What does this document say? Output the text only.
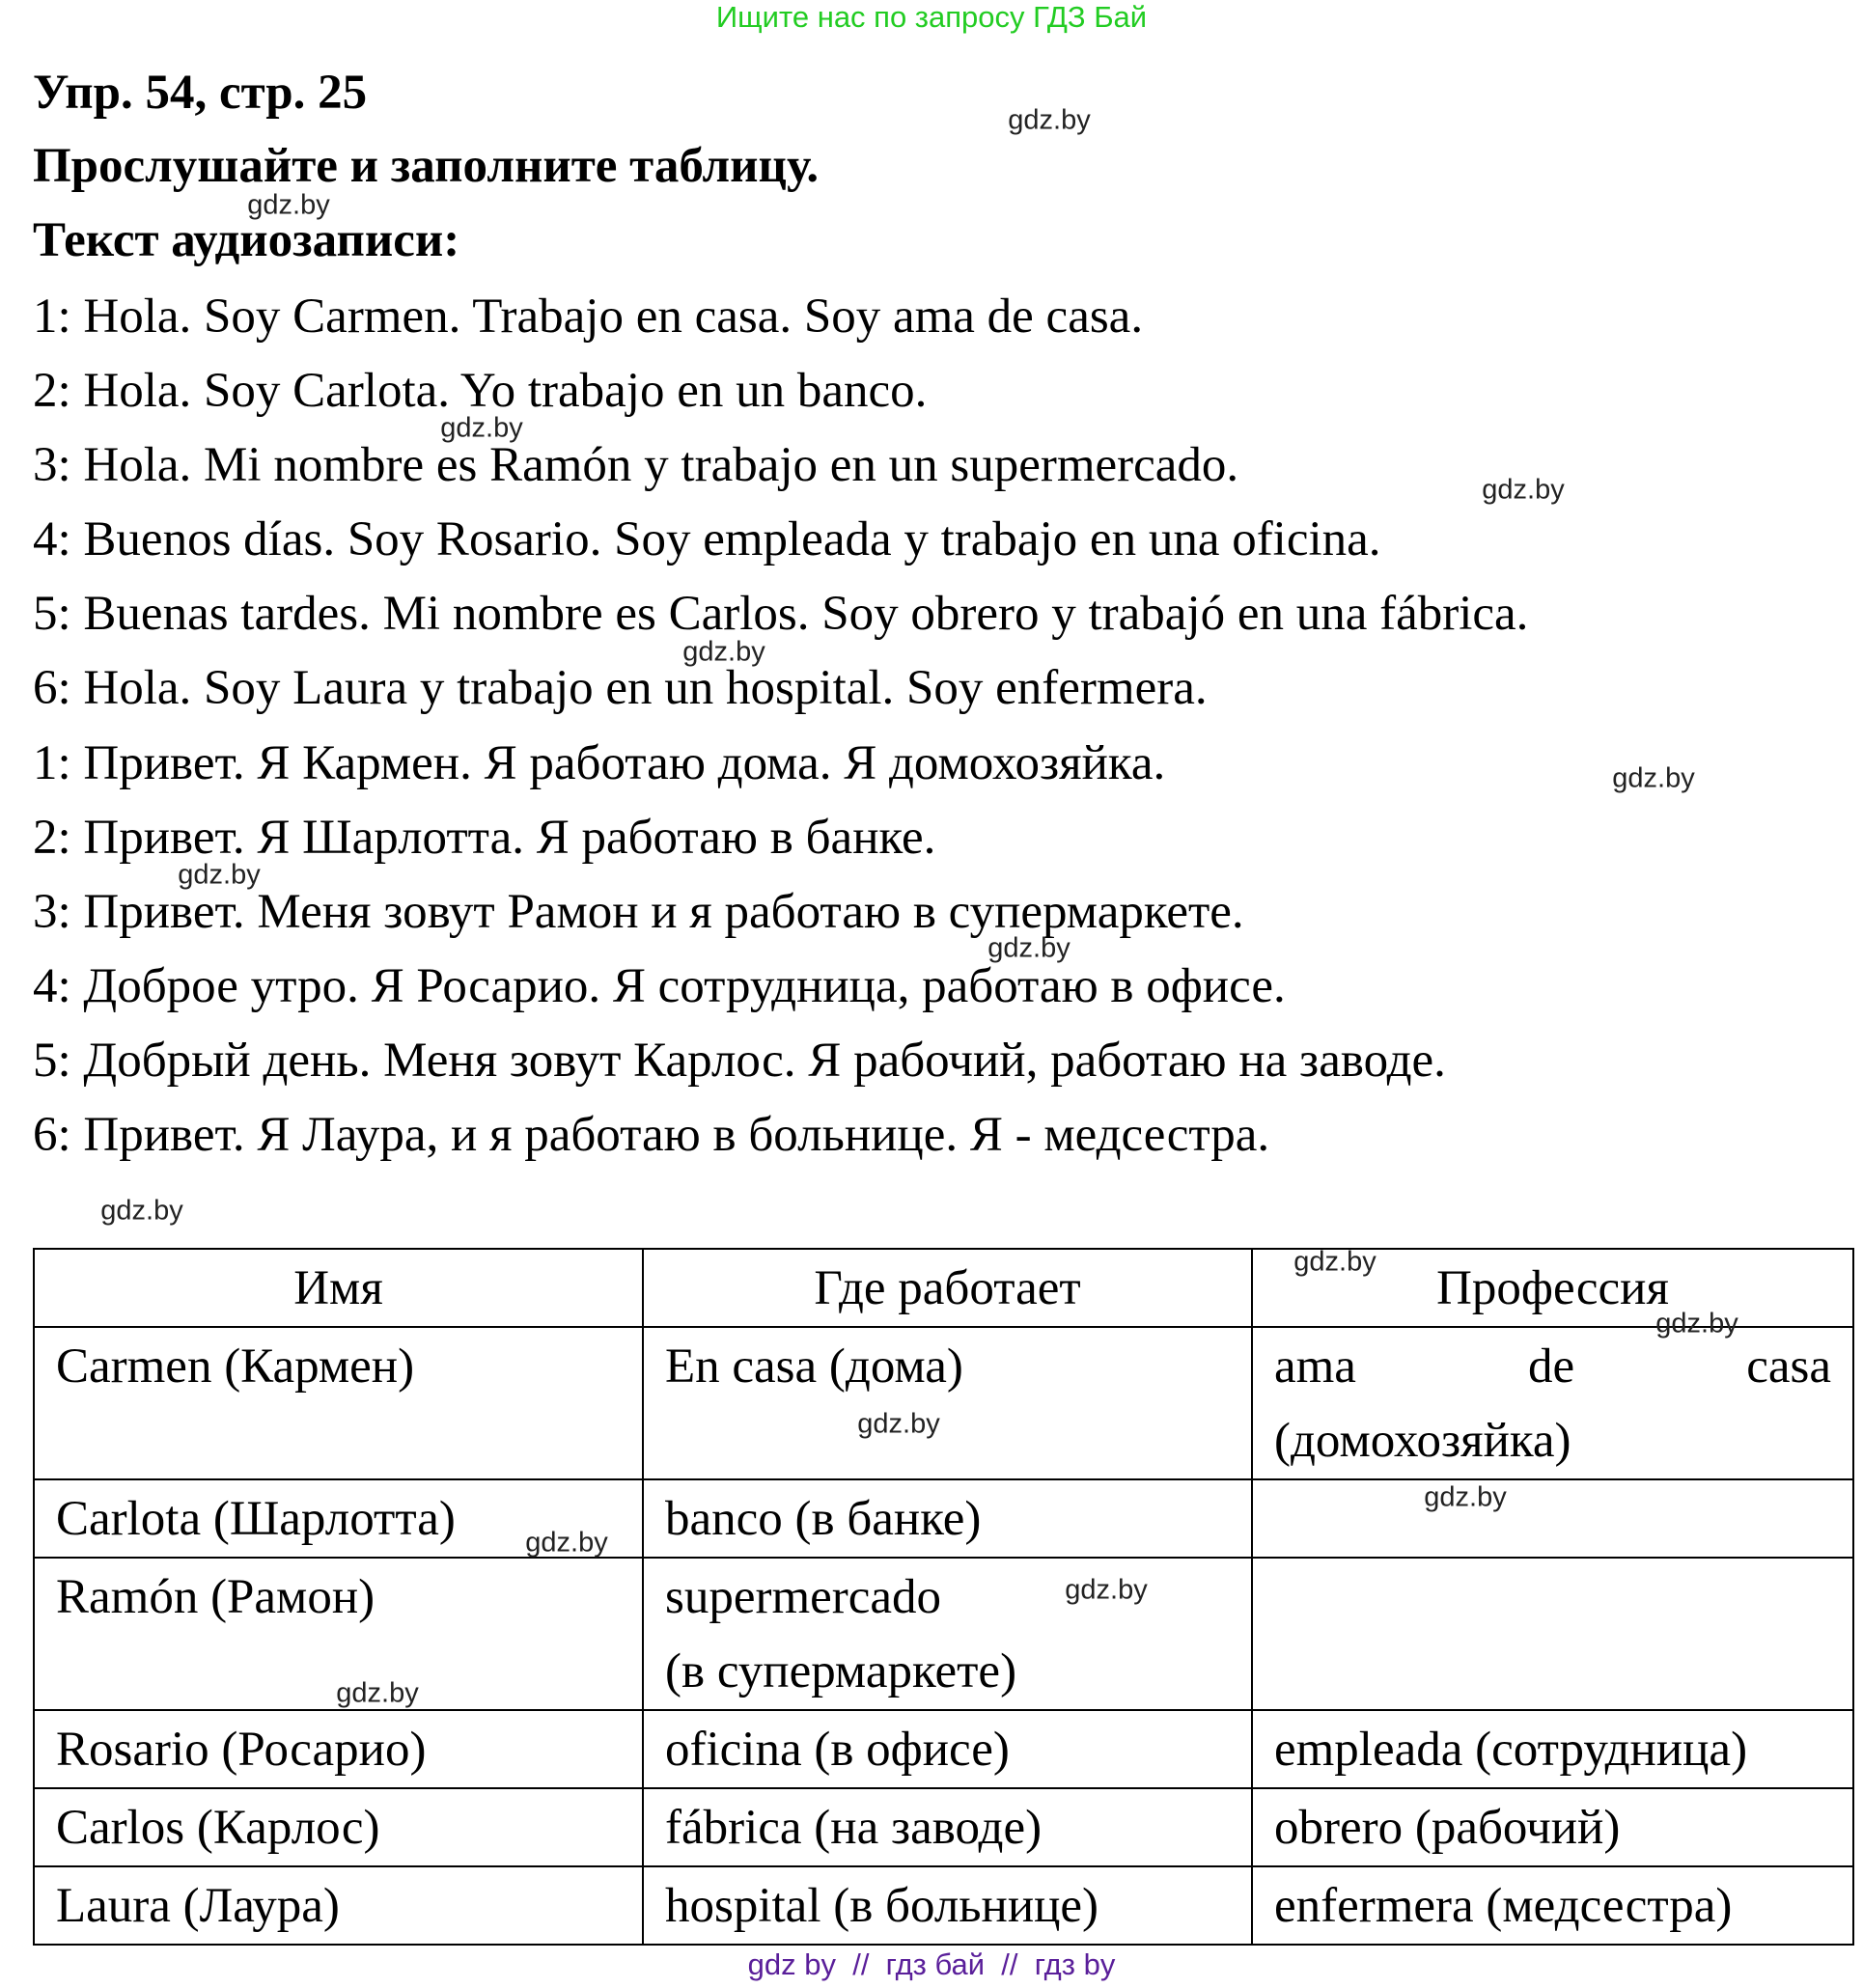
Ищите нас по запросу ГДЗ Бай
Упр. 54, стр. 25
Прослушайте и заполните таблицу.
Текст аудиозаписи:
1: Hola. Soy Carmen. Trabajo en casa. Soy ama de casa.
2: Hola. Soy Carlota. Yo trabajo en un banco.
3: Hola. Mi nombre es Ramón y trabajo en un supermercado.
4: Buenos días. Soy Rosario. Soy empleada y trabajo en una oficina.
5: Buenas tardes. Mi nombre es Carlos. Soy obrero y trabajó en una fábrica.
6: Hola. Soy Laura y trabajo en un hospital. Soy enfermera.
1: Привет. Я Кармен. Я работаю дома. Я домохозяйка.
2: Привет. Я Шарлотта. Я работаю в банке.
3: Привет. Меня зовут Рамон и я работаю в супермаркете.
4: Доброе утро. Я Росарио. Я сотрудница, работаю в офисе.
5: Добрый день. Меня зовут Карлос. Я рабочий, работаю на заводе.
6: Привет. Я Лаура, и я работаю в больнице. Я - медсестра.
Имя	Где работает	Профессия
Carmen (Кармен)	En casa (дома)	ama de casa
(домохозяйка)

Carlota (Шарлотта)	banco (в банке)	
Ramón (Рамон)	supermercado
(в супермаркете)	

Rosario (Росарио)	oficina (в офисе)	empleada (сотрудница)
Carlos (Карлос)	fábrica (на заводе)	obrero (рабочий)
Laura (Лаура)	hospital (в больнице)	enfermera (медсестра)
gdz.by
gdz.by
gdz.by
gdz.by
gdz.by
gdz.by
gdz.by
gdz.by
gdz.by
gdz.by
gdz.by
gdz.by
gdz.by
gdz.by
gdz.by
gdz.by
gdz by  //  гдз бай  //  гдз by
